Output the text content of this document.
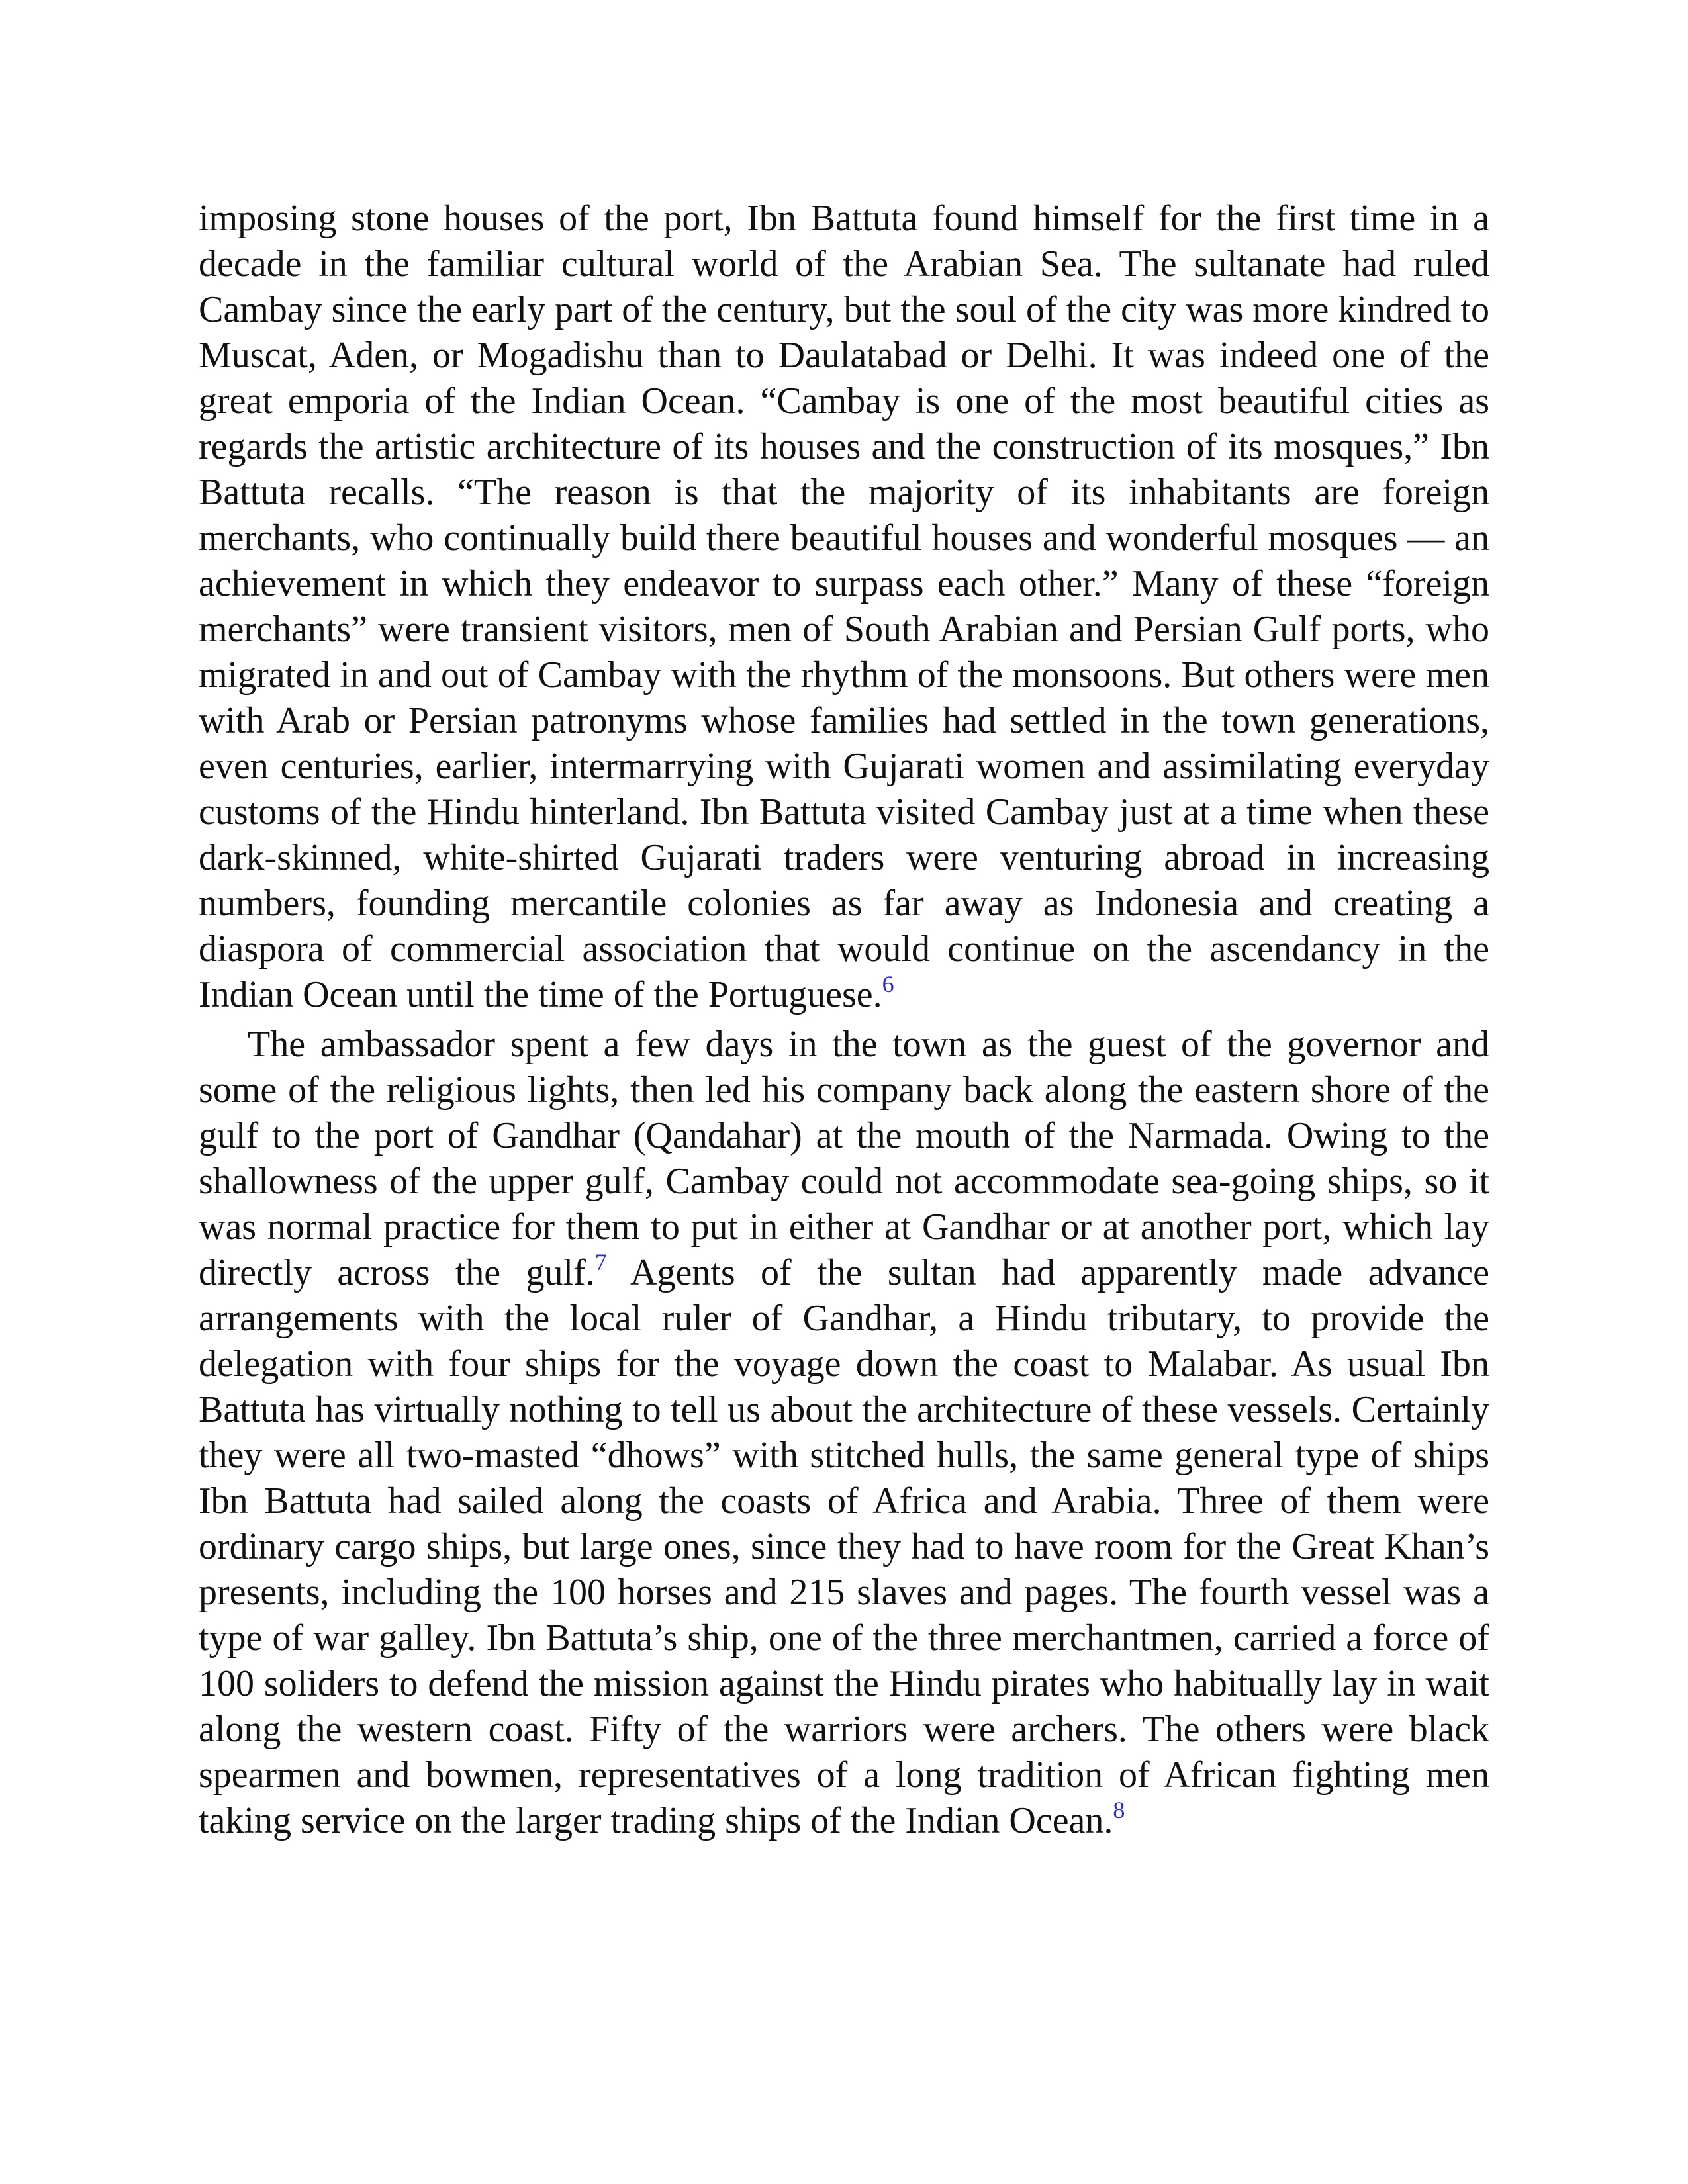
imposing stone houses of the port, Ibn Battuta found himself for the first time in a decade in the familiar cultural world of the Arabian Sea. The sultanate had ruled Cambay since the early part of the century, but the soul of the city was more kindred to Muscat, Aden, or Mogadishu than to Daulatabad or Delhi. It was indeed one of the great emporia of the Indian Ocean. “Cambay is one of the most beautiful cities as regards the artistic architecture of its houses and the construction of its mosques,” Ibn Battuta recalls. “The reason is that the majority of its inhabitants are foreign merchants, who continually build there beautiful houses and wonderful mosques — an achievement in which they endeavor to surpass each other.” Many of these “foreign merchants” were transient visitors, men of South Arabian and Persian Gulf ports, who migrated in and out of Cambay with the rhythm of the monsoons. But others were men with Arab or Persian patronyms whose families had settled in the town generations, even centuries, earlier, intermarrying with Gujarati women and assimilating everyday customs of the Hindu hinterland. Ibn Battuta visited Cambay just at a time when these dark-skinned, white-shirted Gujarati traders were venturing abroad in increasing numbers, founding mercantile colonies as far away as Indonesia and creating a diaspora of commercial association that would continue on the ascendancy in the Indian Ocean until the time of the Portuguese.$^6$

The ambassador spent a few days in the town as the guest of the governor and some of the religious lights, then led his company back along the eastern shore of the gulf to the port of Gandhar (Qandahar) at the mouth of the Narmada. Owing to the shallowness of the upper gulf, Cambay could not accommodate sea-going ships, so it was normal practice for them to put in either at Gandhar or at another port, which lay directly across the gulf.$^7$ Agents of the sultan had apparently made advance arrangements with the local ruler of Gandhar, a Hindu tributary, to provide the delegation with four ships for the voyage down the coast to Malabar. As usual Ibn Battuta has virtually nothing to tell us about the architecture of these vessels. Certainly they were all two-masted “dhows” with stitched hulls, the same general type of ships Ibn Battuta had sailed along the coasts of Africa and Arabia. Three of them were ordinary cargo ships, but large ones, since they had to have room for the Great Khan’s presents, including the 100 horses and 215 slaves and pages. The fourth vessel was a type of war galley. Ibn Battuta’s ship, one of the three merchantmen, carried a force of 100 soliders to defend the mission against the Hindu pirates who habitually lay in wait along the western coast. Fifty of the warriors were archers. The others were black spearmen and bowmen, representatives of a long tradition of African fighting men taking service on the larger trading ships of the Indian Ocean.$^8$
